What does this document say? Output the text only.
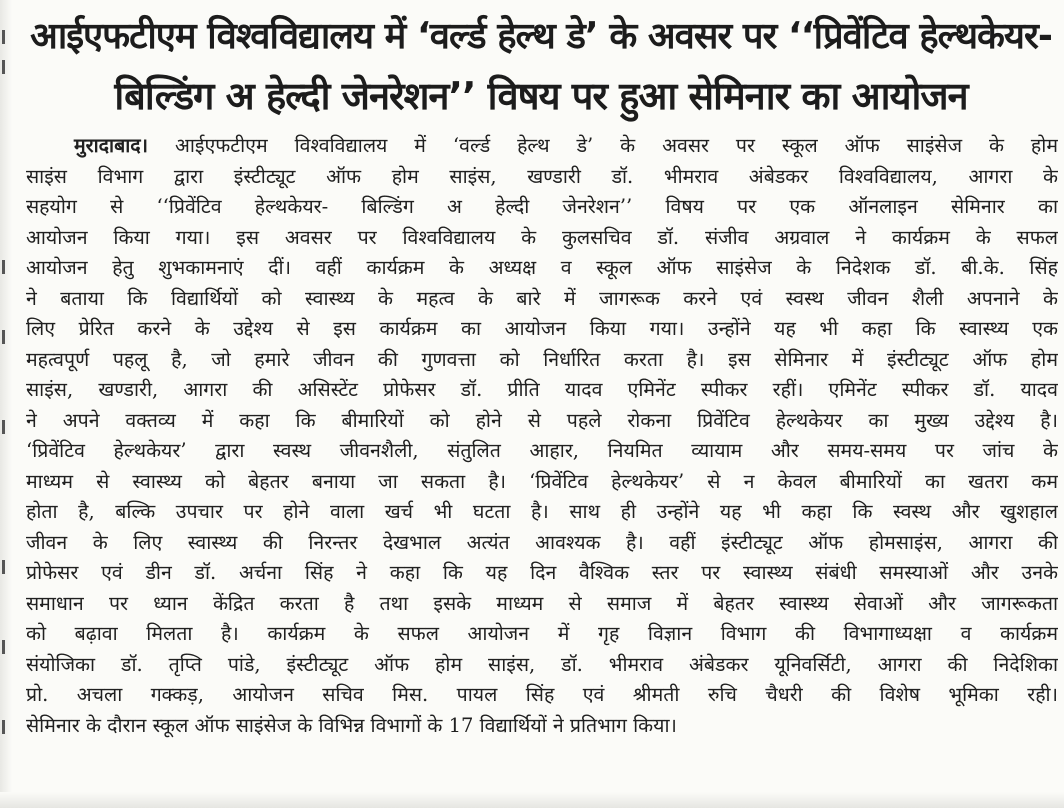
आईएफटीएम विश्वविद्यालय में ‘वर्ल्ड हेल्थ डे’ के अवसर पर ‘‘प्रिवेंटिव हेल्थकेयर-
बिल्डिंग अ हेल्दी जेनरेशन’’ विषय पर हुआ सेमिनार का आयोजन
मुरादाबाद। आईएफटीएम विश्वविद्यालय में ‘वर्ल्ड हेल्थ डे’ के अवसर पर स्कूल ऑफ साइंसेज के होम
साइंस विभाग द्वारा इंस्टीट्यूट ऑफ होम साइंस, खण्डारी डॉ. भीमराव अंबेडकर विश्वविद्यालय, आगरा के
सहयोग से ‘‘प्रिवेंटिव हेल्थकेयर- बिल्डिंग अ हेल्दी जेनरेशन’’ विषय पर एक ऑनलाइन सेमिनार का
आयोजन किया गया। इस अवसर पर विश्वविद्यालय के कुलसचिव डॉ. संजीव अग्रवाल ने कार्यक्रम के सफल
आयोजन हेतु शुभकामनाएं दीं। वहीं कार्यक्रम के अध्यक्ष व स्कूल ऑफ साइंसेज के निदेशक डॉ. बी.के. सिंह
ने बताया कि विद्यार्थियों को स्वास्थ्य के महत्व के बारे में जागरूक करने एवं स्वस्थ जीवन शैली अपनाने के
लिए प्रेरित करने के उद्देश्य से इस कार्यक्रम का आयोजन किया गया। उन्होंने यह भी कहा कि स्वास्थ्य एक
महत्वपूर्ण पहलू है, जो हमारे जीवन की गुणवत्ता को निर्धारित करता है। इस सेमिनार में इंस्टीट्यूट ऑफ होम
साइंस, खण्डारी, आगरा की असिस्टेंट प्रोफेसर डॉ. प्रीति यादव एमिनेंट स्पीकर रहीं। एमिनेंट स्पीकर डॉ. यादव
ने अपने वक्तव्य में कहा कि बीमारियों को होने से पहले रोकना प्रिवेंटिव हेल्थकेयर का मुख्य उद्देश्य है।
‘प्रिवेंटिव हेल्थकेयर’ द्वारा स्वस्थ जीवनशैली, संतुलित आहार, नियमित व्यायाम और समय-समय पर जांच के
माध्यम से स्वास्थ्य को बेहतर बनाया जा सकता है। ‘प्रिवेंटिव हेल्थकेयर’ से न केवल बीमारियों का खतरा कम
होता है, बल्कि उपचार पर होने वाला खर्च भी घटता है। साथ ही उन्होंने यह भी कहा कि स्वस्थ और खुशहाल
जीवन के लिए स्वास्थ्य की निरन्तर देखभाल अत्यंत आवश्यक है। वहीं इंस्टीट्यूट ऑफ होमसाइंस, आगरा की
प्रोफेसर एवं डीन डॉ. अर्चना सिंह ने कहा कि यह दिन वैश्विक स्तर पर स्वास्थ्य संबंधी समस्याओं और उनके
समाधान पर ध्यान केंद्रित करता है तथा इसके माध्यम से समाज में बेहतर स्वास्थ्य सेवाओं और जागरूकता
को बढ़ावा मिलता है। कार्यक्रम के सफल आयोजन में गृह विज्ञान विभाग की विभागाध्यक्षा व कार्यक्रम
संयोजिका डॉ. तृप्ति पांडे, इंस्टीट्यूट ऑफ होम साइंस, डॉ. भीमराव अंबेडकर यूनिवर्सिटी, आगरा की निदेशिका
प्रो. अचला गक्कड़, आयोजन सचिव मिस. पायल सिंह एवं श्रीमती रुचि चैधरी की विशेष भूमिका रही।
सेमिनार के दौरान स्कूल ऑफ साइंसेज के विभिन्न विभागों के 17 विद्यार्थियों ने प्रतिभाग किया।
